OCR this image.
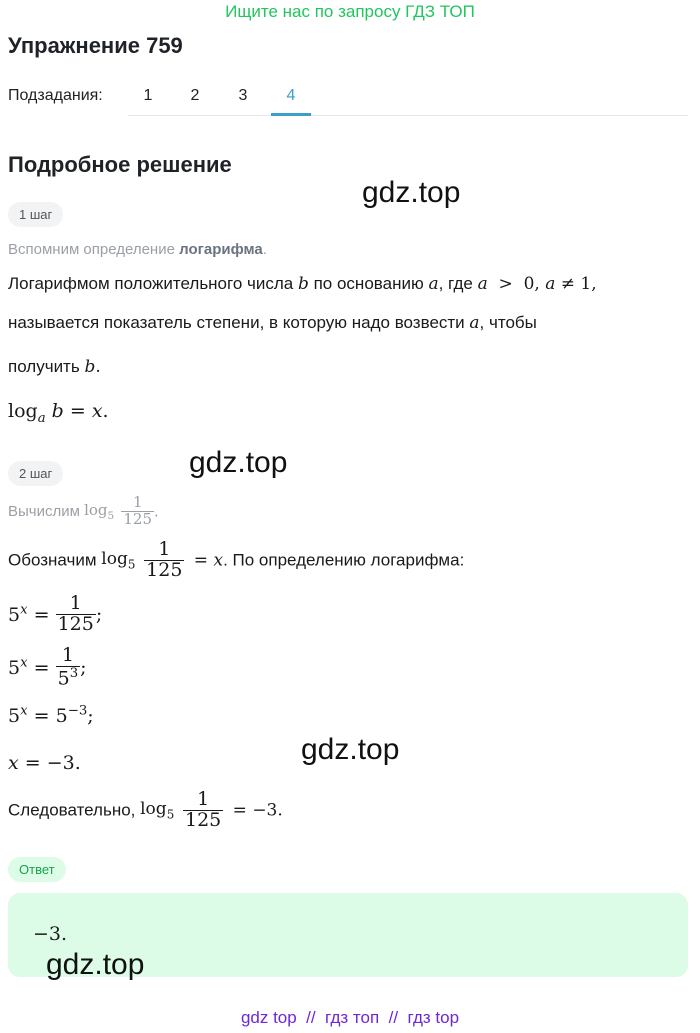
Ищите нас по запросу ГДЗ ТОП
Упражнение 759
Подзадания:	1	2	3	4
Подробное решение
gdz.top
1 шаг
Вспомним определение логарифма.
Логарифмом положительного числа b по основанию a, где a  >  0, a ≠ 1,
называется показатель степени, в которую надо возвести a, чтобы
получить b.
$\log_a b = x$.
gdz.top
2 шаг
Вычислим $\log_5 \frac{1}{125}$ .
Обозначим $\log_5 \frac{1}{125} = x$. По определению логарифма:
$5^x = \frac{1}{125}$ ;
$5^x = \frac{1}{5^3}$ ;
$5^x = 5^{-3}$;
gdz.top
x = −3.
Следовательно, $\log_5 \frac{1}{125} = -3$.
Ответ
−3.
gdz.top
gdz top  //  гдз топ  //  гдз top
